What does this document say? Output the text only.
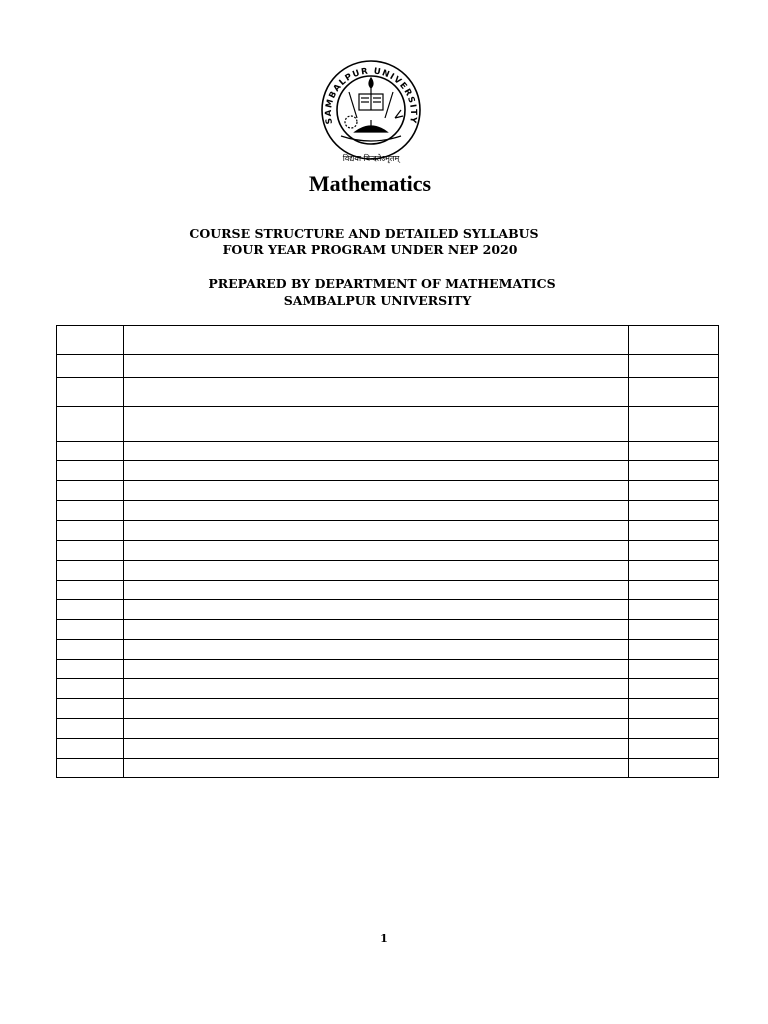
SAMBALPUR UNIVERSITY
विद्यया विन्दतेऽमृतम्
Mathematics
COURSE STRUCTURE AND DETAILED SYLLABUS
FOUR YEAR PROGRAM UNDER NEP 2020
PREPARED BY DEPARTMENT OF MATHEMATICS
SAMBALPUR UNIVERSITY

1
